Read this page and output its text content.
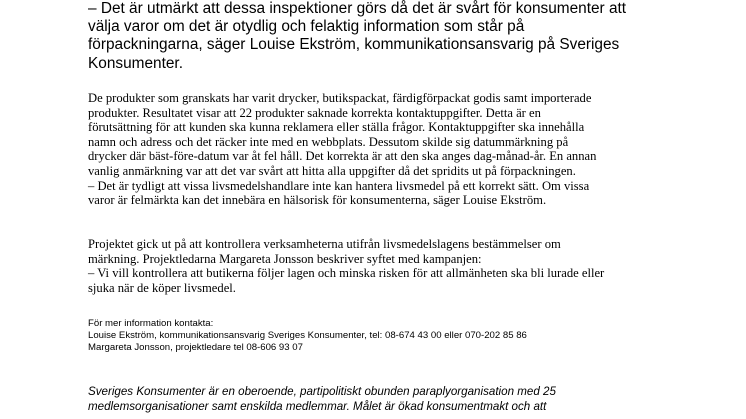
– Det är utmärkt att dessa inspektioner görs då det är svårt för konsumenter att
välja varor om det är otydlig och felaktig information som står på
förpackningarna, säger Louise Ekström, kommunikationsansvarig på Sveriges
Konsumenter.

De produkter som granskats har varit drycker, butikspackat, färdigförpackat godis samt importerade
produkter. Resultatet visar att 22 produkter saknade korrekta kontaktuppgifter. Detta är en
förutsättning för att kunden ska kunna reklamera eller ställa frågor. Kontaktuppgifter ska innehålla
namn och adress och det räcker inte med en webbplats. Dessutom skilde sig datummärkning på
drycker där bäst-före-datum var åt fel håll. Det korrekta är att den ska anges dag-månad-år. En annan
vanlig anmärkning var att det var svårt att hitta alla uppgifter då det spridits ut på förpackningen.
– Det är tydligt att vissa livsmedelshandlare inte kan hantera livsmedel på ett korrekt sätt. Om vissa
varor är felmärkta kan det innebära en hälsorisk för konsumenterna, säger Louise Ekström.

Projektet gick ut på att kontrollera verksamheterna utifrån livsmedelslagens bestämmelser om
märkning. Projektledarna Margareta Jonsson beskriver syftet med kampanjen:
– Vi vill kontrollera att butikerna följer lagen och minska risken för att allmänheten ska bli lurade eller
sjuka när de köper livsmedel.

För mer information kontakta:
Louise Ekström, kommunikationsansvarig Sveriges Konsumenter, tel: 08-674 43 00 eller 070-202 85 86
Margareta Jonsson, projektledare tel 08-606 93 07

Sveriges Konsumenter är en oberoende, partipolitiskt obunden paraplyorganisation med 25
medlemsorganisationer samt enskilda medlemmar. Målet är ökad konsumentmakt och att
